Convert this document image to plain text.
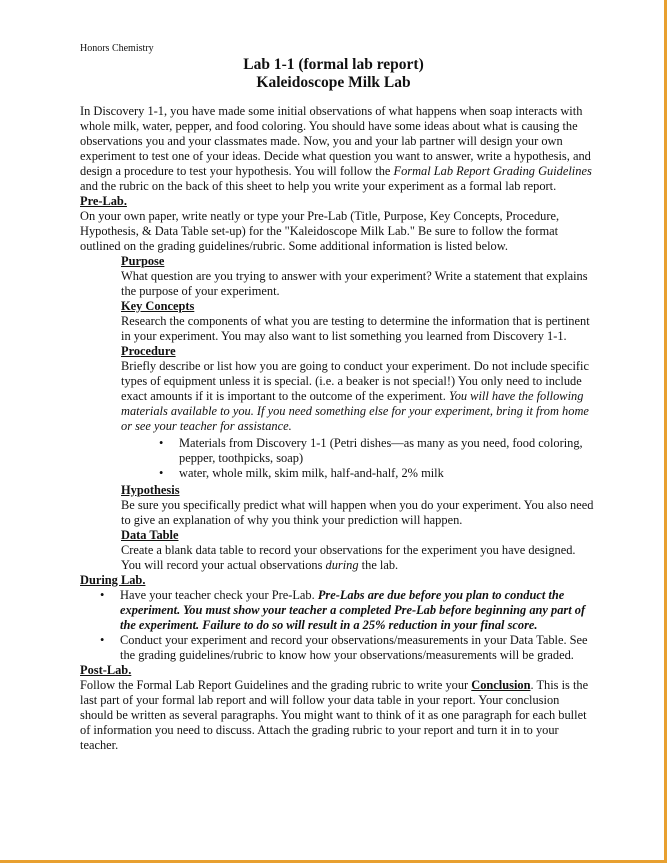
Honors Chemistry
Lab 1-1 (formal lab report)
Kaleidoscope Milk Lab

In Discovery 1-1, you have made some initial observations of what happens when soap interacts with whole milk, water, pepper, and food coloring. You should have some ideas about what is causing the observations you and your classmates made. Now, you and your lab partner will design your own experiment to test one of your ideas. Decide what question you want to answer, write a hypothesis, and design a procedure to test your hypothesis. You will follow the Formal Lab Report Grading Guidelines and the rubric on the back of this sheet to help you write your experiment as a formal lab report.

Pre-Lab.

On your own paper, write neatly or type your Pre-Lab (Title, Purpose, Key Concepts, Procedure, Hypothesis, & Data Table set-up) for the "Kaleidoscope Milk Lab." Be sure to follow the format outlined on the grading guidelines/rubric. Some additional information is listed below.

Purpose

What question are you trying to answer with your experiment? Write a statement that explains the purpose of your experiment.

Key Concepts

Research the components of what you are testing to determine the information that is pertinent in your experiment. You may also want to list something you learned from Discovery 1-1.

Procedure

Briefly describe or list how you are going to conduct your experiment. Do not include specific types of equipment unless it is special. (i.e. a beaker is not special!) You only need to include exact amounts if it is important to the outcome of the experiment. You will have the following materials available to you. If you need something else for your experiment, bring it from home or see your teacher for assistance.

• Materials from Discovery 1-1 (Petri dishes—as many as you need, food coloring, pepper, toothpicks, soap)
• water, whole milk, skim milk, half-and-half, 2% milk
Hypothesis

Be sure you specifically predict what will happen when you do your experiment. You also need to give an explanation of why you think your prediction will happen.

Data Table

Create a blank data table to record your observations for the experiment you have designed. You will record your actual observations during the lab.

During Lab.
• Have your teacher check your Pre-Lab. Pre-Labs are due before you plan to conduct the experiment. You must show your teacher a completed Pre-Lab before beginning any part of the experiment. Failure to do so will result in a 25% reduction in your final score.
• Conduct your experiment and record your observations/measurements in your Data Table. See the grading guidelines/rubric to know how your observations/measurements will be graded.
Post-Lab.

Follow the Formal Lab Report Guidelines and the grading rubric to write your Conclusion. This is the last part of your formal lab report and will follow your data table in your report. Your conclusion should be written as several paragraphs. You might want to think of it as one paragraph for each bullet of information you need to discuss. Attach the grading rubric to your report and turn it in to your teacher.
